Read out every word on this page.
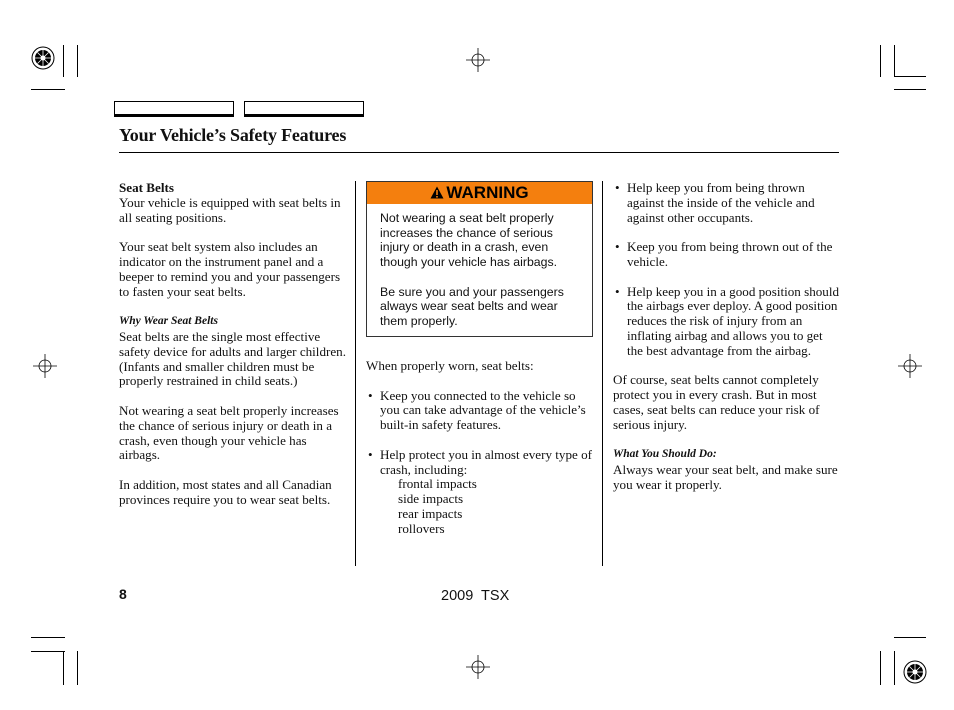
Your Vehicle’s Safety Features
Seat Belts

Your vehicle is equipped with seat belts in all seating positions.

Your seat belt system also includes an indicator on the instrument panel and a beeper to remind you and your passengers to fasten your seat belts.

Why Wear Seat Belts

Seat belts are the single most effective safety device for adults and larger children. (Infants and smaller children must be properly restrained in child seats.)

Not wearing a seat belt properly increases the chance of serious injury or death in a crash, even though your vehicle has airbags.

In addition, most states and all Canadian provinces require you to wear seat belts.

WARNING

Not wearing a seat belt properly increases the chance of serious injury or death in a crash, even though your vehicle has airbags.

Be sure you and your passengers always wear seat belts and wear them properly.

When properly worn, seat belts:

• Keep you connected to the vehicle so you can take advantage of the vehicle’s built-in safety features.
• Help protect you in almost every type of crash, including:
frontal impacts
side impacts
rear impacts
rollovers
• Help keep you from being thrown against the inside of the vehicle and against other occupants.
• Keep you from being thrown out of the vehicle.
• Help keep you in a good position should the airbags ever deploy. A good position reduces the risk of injury from an inflating airbag and allows you to get the best advantage from the airbag.

Of course, seat belts cannot completely protect you in every crash. But in most cases, seat belts can reduce your risk of serious injury.

What You Should Do:

Always wear your seat belt, and make sure you wear it properly.

8	2009  TSX
